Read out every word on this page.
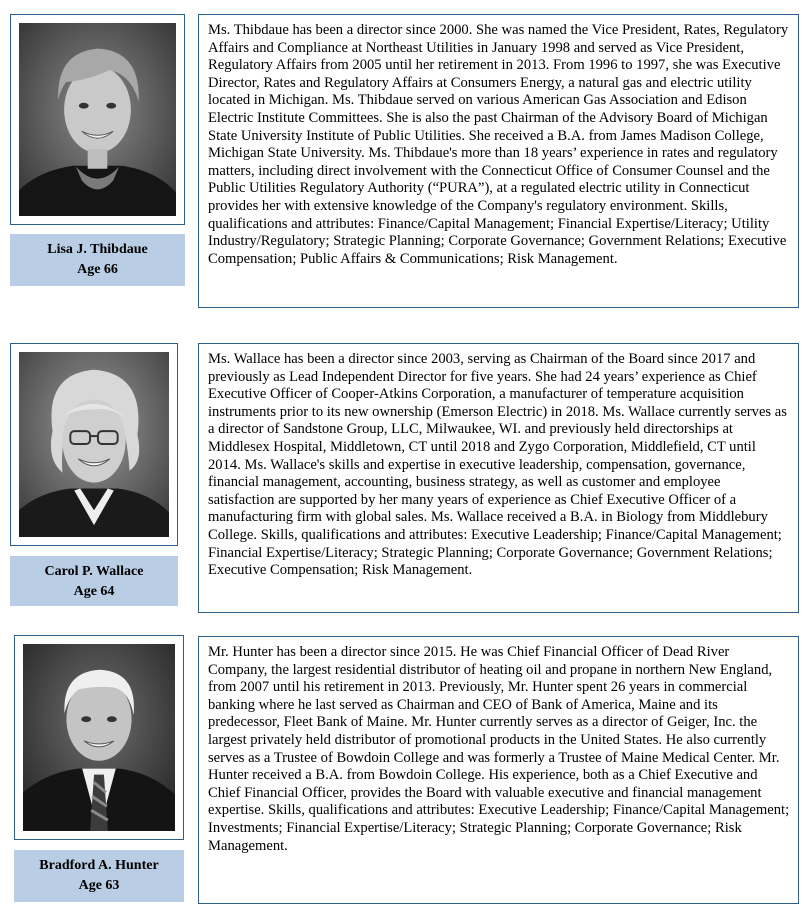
Lisa J. Thibdaue
Age 66
Ms. Thibdaue has been a director since 2000. She was named the Vice President, Rates, Regulatory Affairs and Compliance at Northeast Utilities in January 1998 and served as Vice President, Regulatory Affairs from 2005 until her retirement in 2013. From 1996 to 1997, she was Executive Director, Rates and Regulatory Affairs at Consumers Energy, a natural gas and electric utility located in Michigan. Ms. Thibdaue served on various American Gas Association and Edison Electric Institute Committees. She is also the past Chairman of the Advisory Board of Michigan State University Institute of Public Utilities. She received a B.A. from James Madison College, Michigan State University. Ms. Thibdaue's more than 18 years’ experience in rates and regulatory matters, including direct involvement with the Connecticut Office of Consumer Counsel and the Public Utilities Regulatory Authority (“PURA”), at a regulated electric utility in Connecticut provides her with extensive knowledge of the Company's regulatory environment. Skills, qualifications and attributes: Finance/Capital Management; Financial Expertise/Literacy; Utility Industry/Regulatory; Strategic Planning; Corporate Governance; Government Relations; Executive Compensation; Public Affairs & Communications; Risk Management.
Carol P. Wallace
Age 64
Ms. Wallace has been a director since 2003, serving as Chairman of the Board since 2017 and previously as Lead Independent Director for five years. She had 24 years’ experience as Chief Executive Officer of Cooper-Atkins Corporation, a manufacturer of temperature acquisition instruments prior to its new ownership (Emerson Electric) in 2018. Ms. Wallace currently serves as a director of Sandstone Group, LLC, Milwaukee, WI. and previously held directorships at Middlesex Hospital, Middletown, CT until 2018 and Zygo Corporation, Middlefield, CT until 2014. Ms. Wallace's skills and expertise in executive leadership, compensation, governance, financial management, accounting, business strategy, as well as customer and employee satisfaction are supported by her many years of experience as Chief Executive Officer of a manufacturing firm with global sales. Ms. Wallace received a B.A. in Biology from Middlebury College. Skills, qualifications and attributes: Executive Leadership; Finance/Capital Management; Financial Expertise/Literacy; Strategic Planning; Corporate Governance; Government Relations; Executive Compensation; Risk Management.
Bradford A. Hunter
Age 63
Mr. Hunter has been a director since 2015. He was Chief Financial Officer of Dead River Company, the largest residential distributor of heating oil and propane in northern New England, from 2007 until his retirement in 2013. Previously, Mr. Hunter spent 26 years in commercial banking where he last served as Chairman and CEO of Bank of America, Maine and its predecessor, Fleet Bank of Maine. Mr. Hunter currently serves as a director of Geiger, Inc. the largest privately held distributor of promotional products in the United States. He also currently serves as a Trustee of Bowdoin College and was formerly a Trustee of Maine Medical Center. Mr. Hunter received a B.A. from Bowdoin College. His experience, both as a Chief Executive and Chief Financial Officer, provides the Board with valuable executive and financial management expertise. Skills, qualifications and attributes: Executive Leadership; Finance/Capital Management; Investments; Financial Expertise/Literacy; Strategic Planning; Corporate Governance; Risk Management.
